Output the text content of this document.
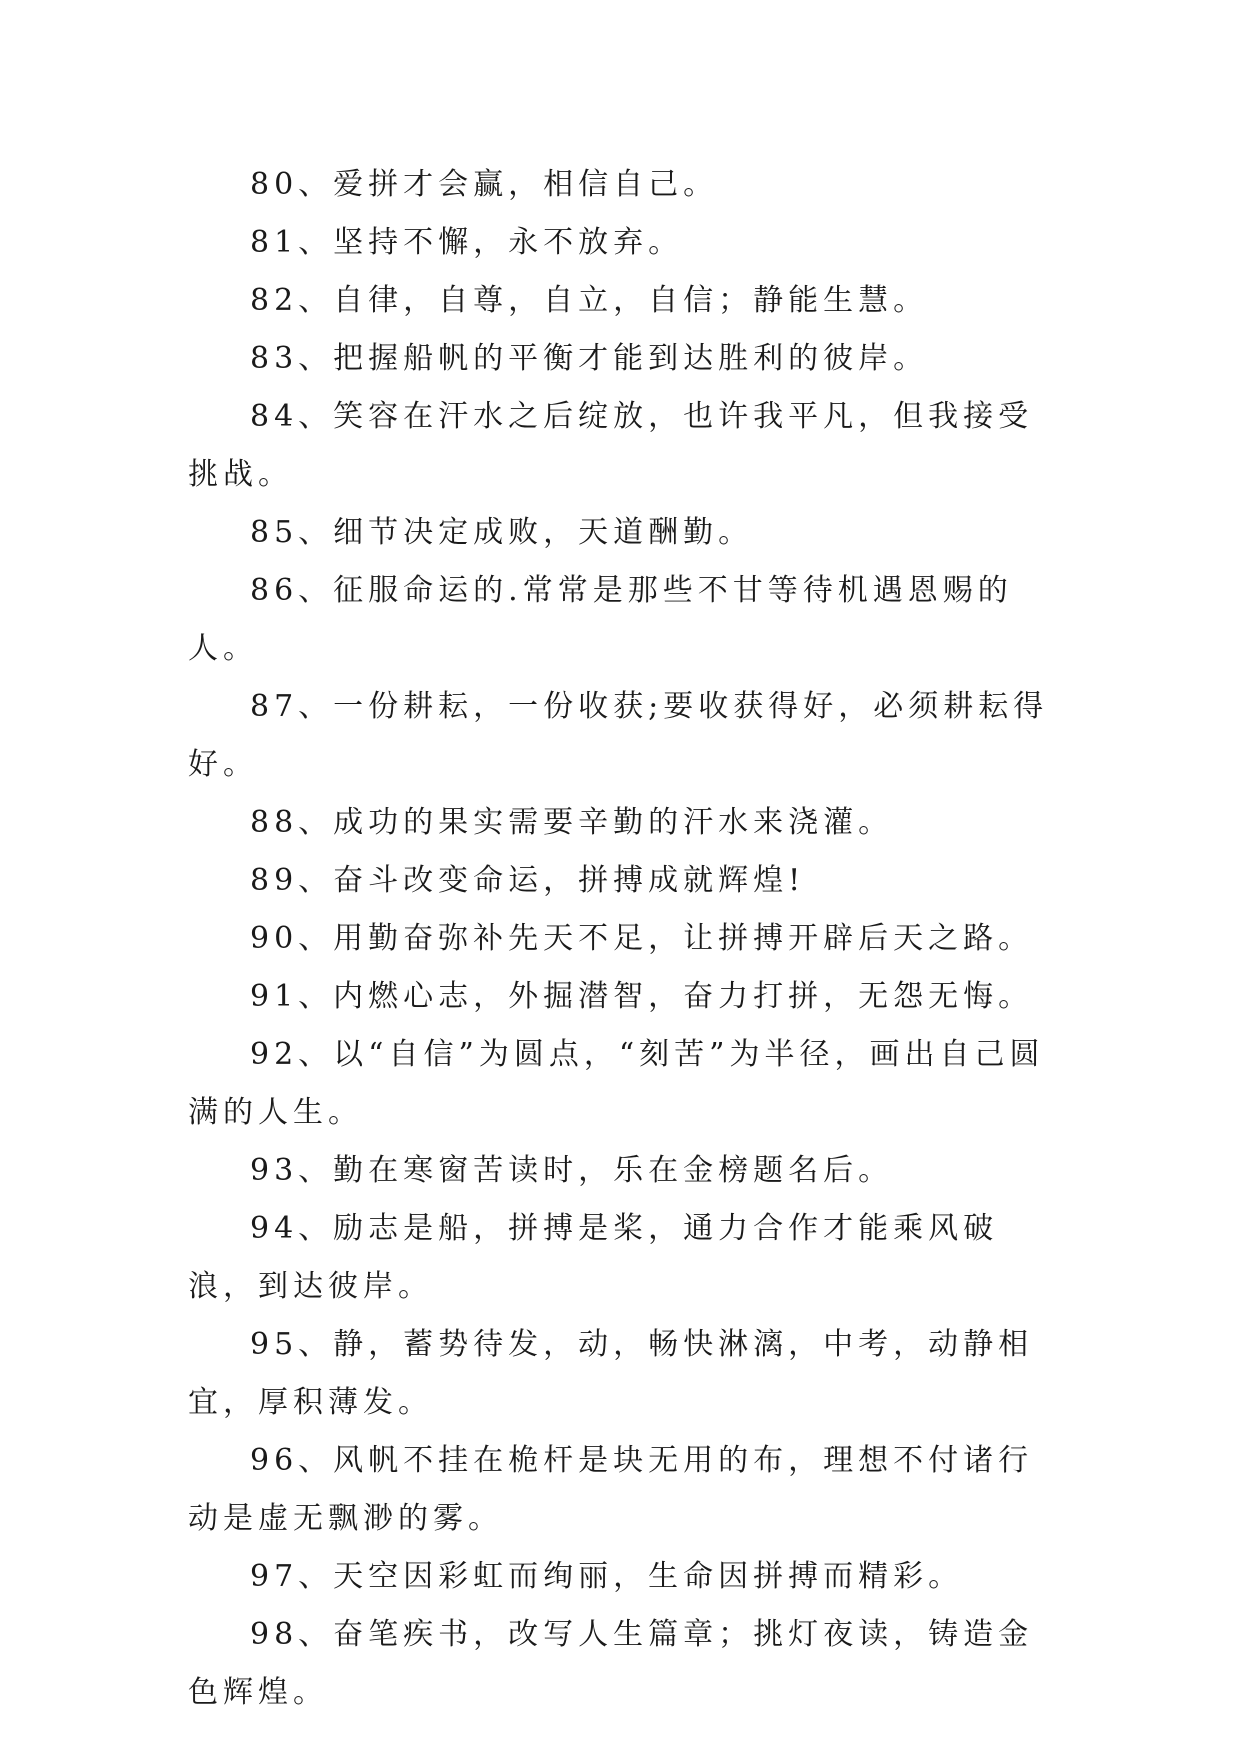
80、爱拼才会赢，相信自己。

81、坚持不懈，永不放弃。

82、自律，自尊，自立，自信；静能生慧。

83、把握船帆的平衡才能到达胜利的彼岸。

84、笑容在汗水之后绽放，也许我平凡，但我接受挑战。

85、细节决定成败，天道酬勤。

86、征服命运的.常常是那些不甘等待机遇恩赐的人。

87、一份耕耘，一份收获;要收获得好，必须耕耘得好。

88、成功的果实需要辛勤的汗水来浇灌。

89、奋斗改变命运，拼搏成就辉煌!

90、用勤奋弥补先天不足，让拼搏开辟后天之路。

91、内燃心志，外掘潜智，奋力打拼，无怨无悔。

92、以“自信”为圆点，“刻苦”为半径，画出自己圆满的人生。

93、勤在寒窗苦读时，乐在金榜题名后。

94、励志是船，拼搏是桨，通力合作才能乘风破浪，到达彼岸。

95、静，蓄势待发，动，畅快淋漓，中考，动静相宜，厚积薄发。

96、风帆不挂在桅杆是块无用的布，理想不付诸行动是虚无飘渺的雾。

97、天空因彩虹而绚丽，生命因拼搏而精彩。

98、奋笔疾书，改写人生篇章；挑灯夜读，铸造金色辉煌。
